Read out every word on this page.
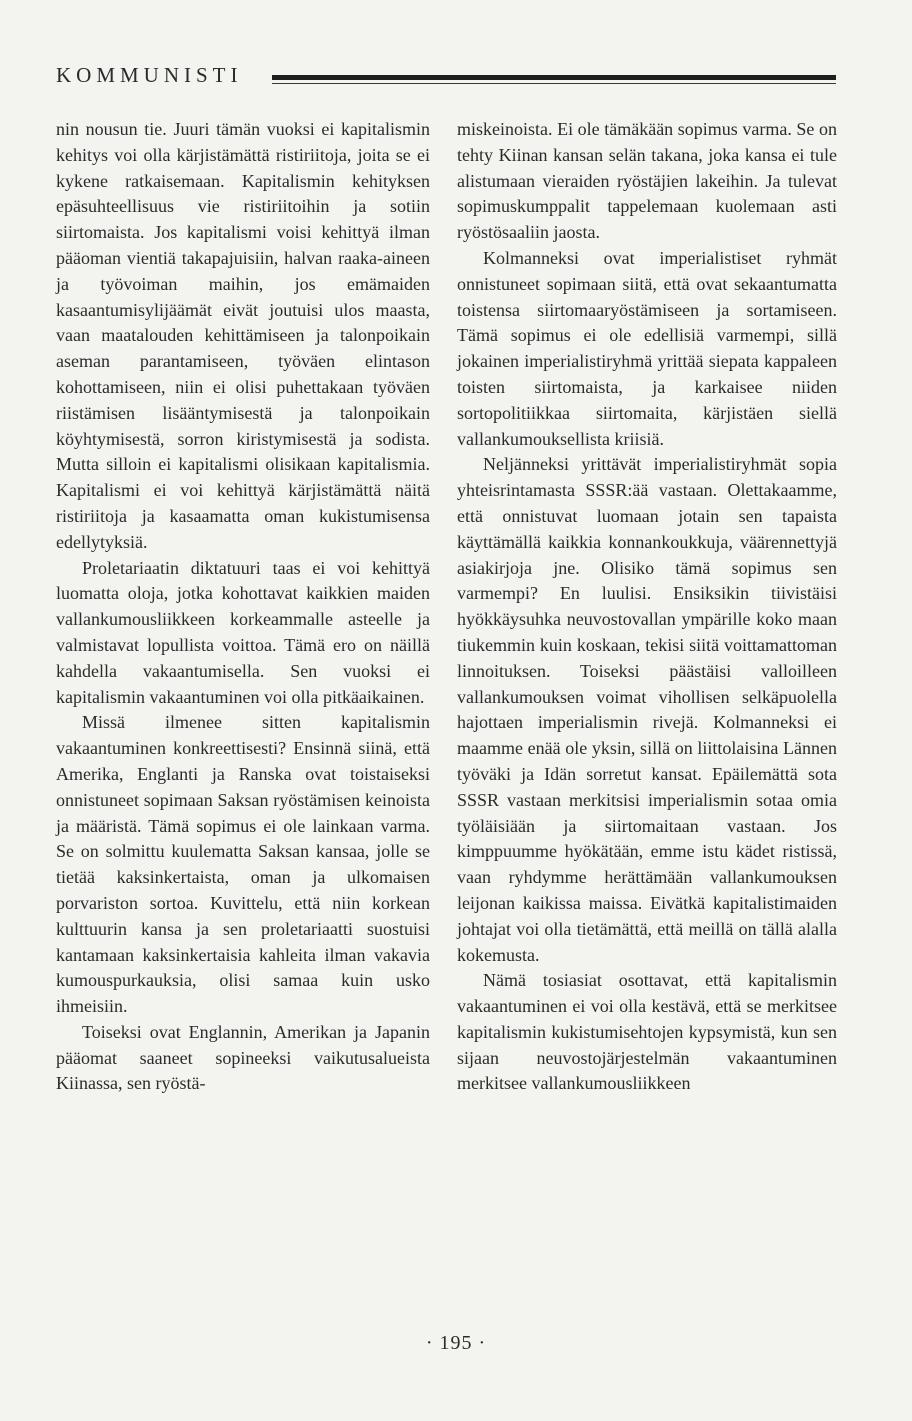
KOMMUNISTI

nin nousun tie. Juuri tämän vuoksi ei kapitalismin kehitys voi olla kärjistämättä ristiriitoja, joita se ei kykene ratkaisemaan. Kapitalismin kehityksen epäsuhteellisuus vie ristiriitoihin ja sotiin siirtomaista. Jos kapitalismi voisi kehittyä ilman pääoman vientiä takapajuisiin, halvan raaka-aineen ja työvoiman maihin, jos emämaiden kasaantumisylijäämät eivät joutuisi ulos maasta, vaan maatalouden kehittämiseen ja talonpoikain aseman parantamiseen, työväen elintason kohottamiseen, niin ei olisi puhettakaan työväen riistämisen lisääntymisestä ja talonpoikain köyhtymisestä, sorron kiristymisestä ja sodista. Mutta silloin ei kapitalismi olisikaan kapitalismia. Kapitalismi ei voi kehittyä kärjistämättä näitä ristiriitoja ja kasaamatta oman kukistumisensa edellytyksiä.

Proletariaatin diktatuuri taas ei voi kehittyä luomatta oloja, jotka kohottavat kaikkien maiden vallankumousliikkeen korkeammalle asteelle ja valmistavat lopullista voittoa. Tämä ero on näillä kahdella vakaantumisella. Sen vuoksi ei kapitalismin vakaantuminen voi olla pitkäaikainen.

Missä ilmenee sitten kapitalismin vakaantuminen konkreettisesti? Ensinnä siinä, että Amerika, Englanti ja Ranska ovat toistaiseksi onnistuneet sopimaan Saksan ryöstämisen keinoista ja määristä. Tämä sopimus ei ole lainkaan varma. Se on solmittu kuulematta Saksan kansaa, jolle se tietää kaksinkertaista, oman ja ulkomaisen porvariston sortoa. Kuvittelu, että niin korkean kulttuurin kansa ja sen proletariaatti suostuisi kantamaan kaksinkertaisia kahleita ilman vakavia kumouspurkauksia, olisi samaa kuin usko ihmeisiin.

Toiseksi ovat Englannin, Amerikan ja Japanin pääomat saaneet sopineeksi vaikutusalueista Kiinassa, sen ryöstä-

miskeinoista. Ei ole tämäkään sopimus varma. Se on tehty Kiinan kansan selän takana, joka kansa ei tule alistumaan vieraiden ryöstäjien lakeihin. Ja tulevat sopimuskumppalit tappelemaan kuolemaan asti ryöstösaaliin jaosta.

Kolmanneksi ovat imperialistiset ryhmät onnistuneet sopimaan siitä, että ovat sekaantumatta toistensa siirtomaaryöstämiseen ja sortamiseen. Tämä sopimus ei ole edellisiä varmempi, sillä jokainen imperialistiryhmä yrittää siepata kappaleen toisten siirtomaista, ja karkaisee niiden sortopolitiikkaa siirtomaita, kärjistäen siellä vallankumouksellista kriisiä.

Neljänneksi yrittävät imperialistiryhmät sopia yhteisrintamasta SSSR:ää vastaan. Olettakaamme, että onnistuvat luomaan jotain sen tapaista käyttämällä kaikkia konnankoukkuja, väärennettyjä asiakirjoja jne. Olisiko tämä sopimus sen varmempi? En luulisi. Ensiksikin tiivistäisi hyökkäysuhka neuvostovallan ympärille koko maan tiukemmin kuin koskaan, tekisi siitä voittamattoman linnoituksen. Toiseksi päästäisi valloilleen vallankumouksen voimat vihollisen selkäpuolella hajottaen imperialismin rivejä. Kolmanneksi ei maamme enää ole yksin, sillä on liittolaisina Lännen työväki ja Idän sorretut kansat. Epäilemättä sota SSSR vastaan merkitsisi imperialismin sotaa omia työläisiään ja siirtomaitaan vastaan. Jos kimppuumme hyökätään, emme istu kädet ristissä, vaan ryhdymme herättämään vallankumouksen leijonan kaikissa maissa. Eivätkä kapitalistimaiden johtajat voi olla tietämättä, että meillä on tällä alalla kokemusta.

Nämä tosiasiat osottavat, että kapitalismin vakaantuminen ei voi olla kestävä, että se merkitsee kapitalismin kukistumisehtojen kypsymistä, kun sen sijaan neuvostojärjestelmän vakaantuminen merkitsee vallankumousliikkeen

· 195 ·
